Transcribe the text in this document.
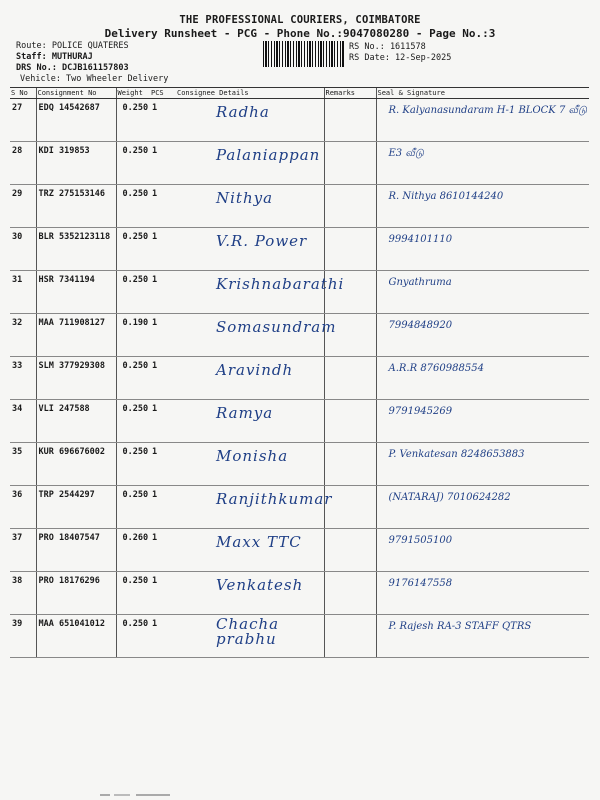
THE PROFESSIONAL COURIERS, COIMBATORE
Delivery Runsheet - PCG - Phone No.:9047080280 - Page No.:3
Route: POLICE QUATERES
Staff: MUTHURAJ
DRS No.: DCJB161157803
Vehicle: Two Wheeler Delivery
RS No.: 1611578
RS Date: 12-Sep-2025
S No	Consignment No	Weight	PCS	Consignee Details	Remarks	Seal & Signature
27	EDQ 14542687	0.250	1	Radha		R. Kalyanasundaram H-1 BLOCK 7 வீடு

28	KDI 319853	0.250	1	Palaniappan		E3 வீடு

29	TRZ 275153146	0.250	1	Nithya		R. Nithya 8610144240

30	BLR 5352123118	0.250	1	V.R. Power		9994101110

31	HSR 7341194	0.250	1	Krishnabarathi		Gnyathruma

32	MAA 711908127	0.190	1	Somasundram		7994848920

33	SLM 377929308	0.250	1	Aravindh		A.R.R 8760988554

34	VLI 247588	0.250	1	Ramya		9791945269

35	KUR 696676002	0.250	1	Monisha		P. Venkatesan 8248653883

36	TRP 2544297	0.250	1	Ranjithkumar		(NATARAJ) 7010624282

37	PRO 18407547	0.260	1	Maxx TTC		9791505100

38	PRO 18176296	0.250	1	Venkatesh		9176147558

39	MAA 651041012	0.250	1	Chacha prabhu		P. Rajesh RA-3 STAFF QTRS
